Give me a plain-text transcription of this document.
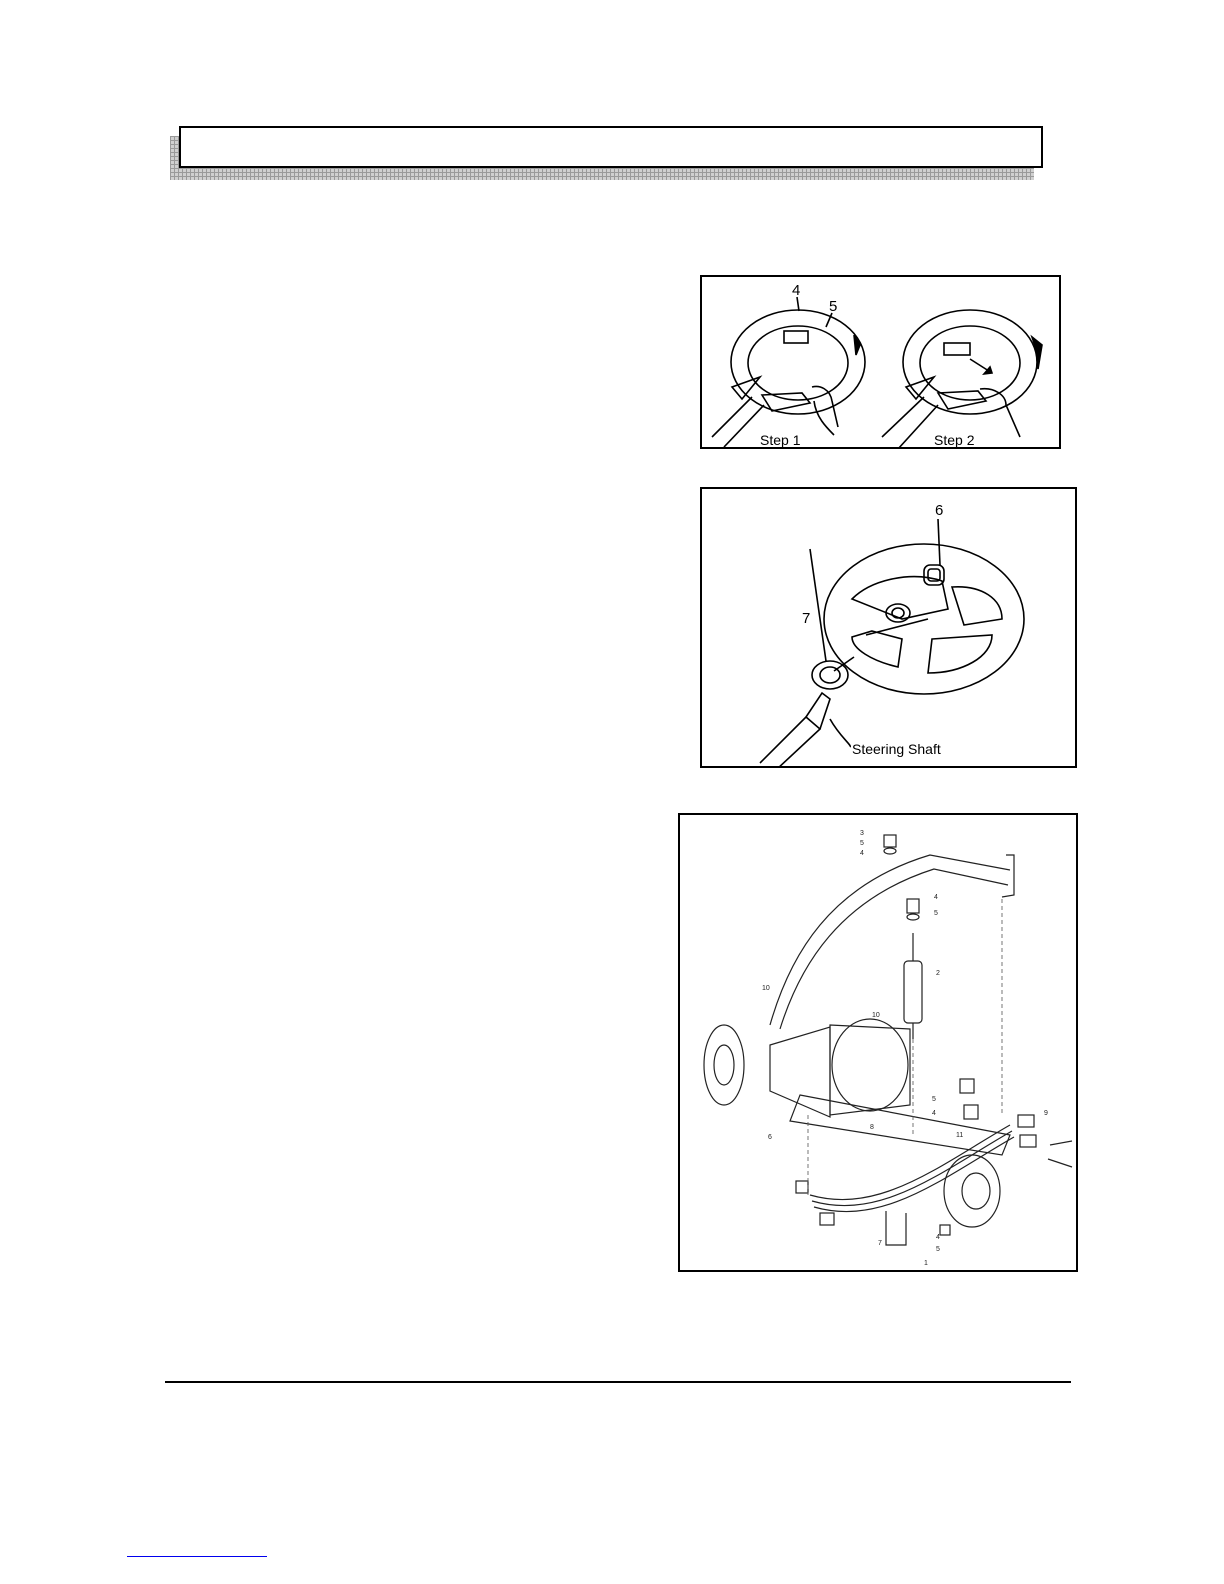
4
5
Step 1	Step 2
6
7
Steering Shaft
3
5
4
4
5
2
10
10
5
4
8
6	11
9
7
4
5
1
